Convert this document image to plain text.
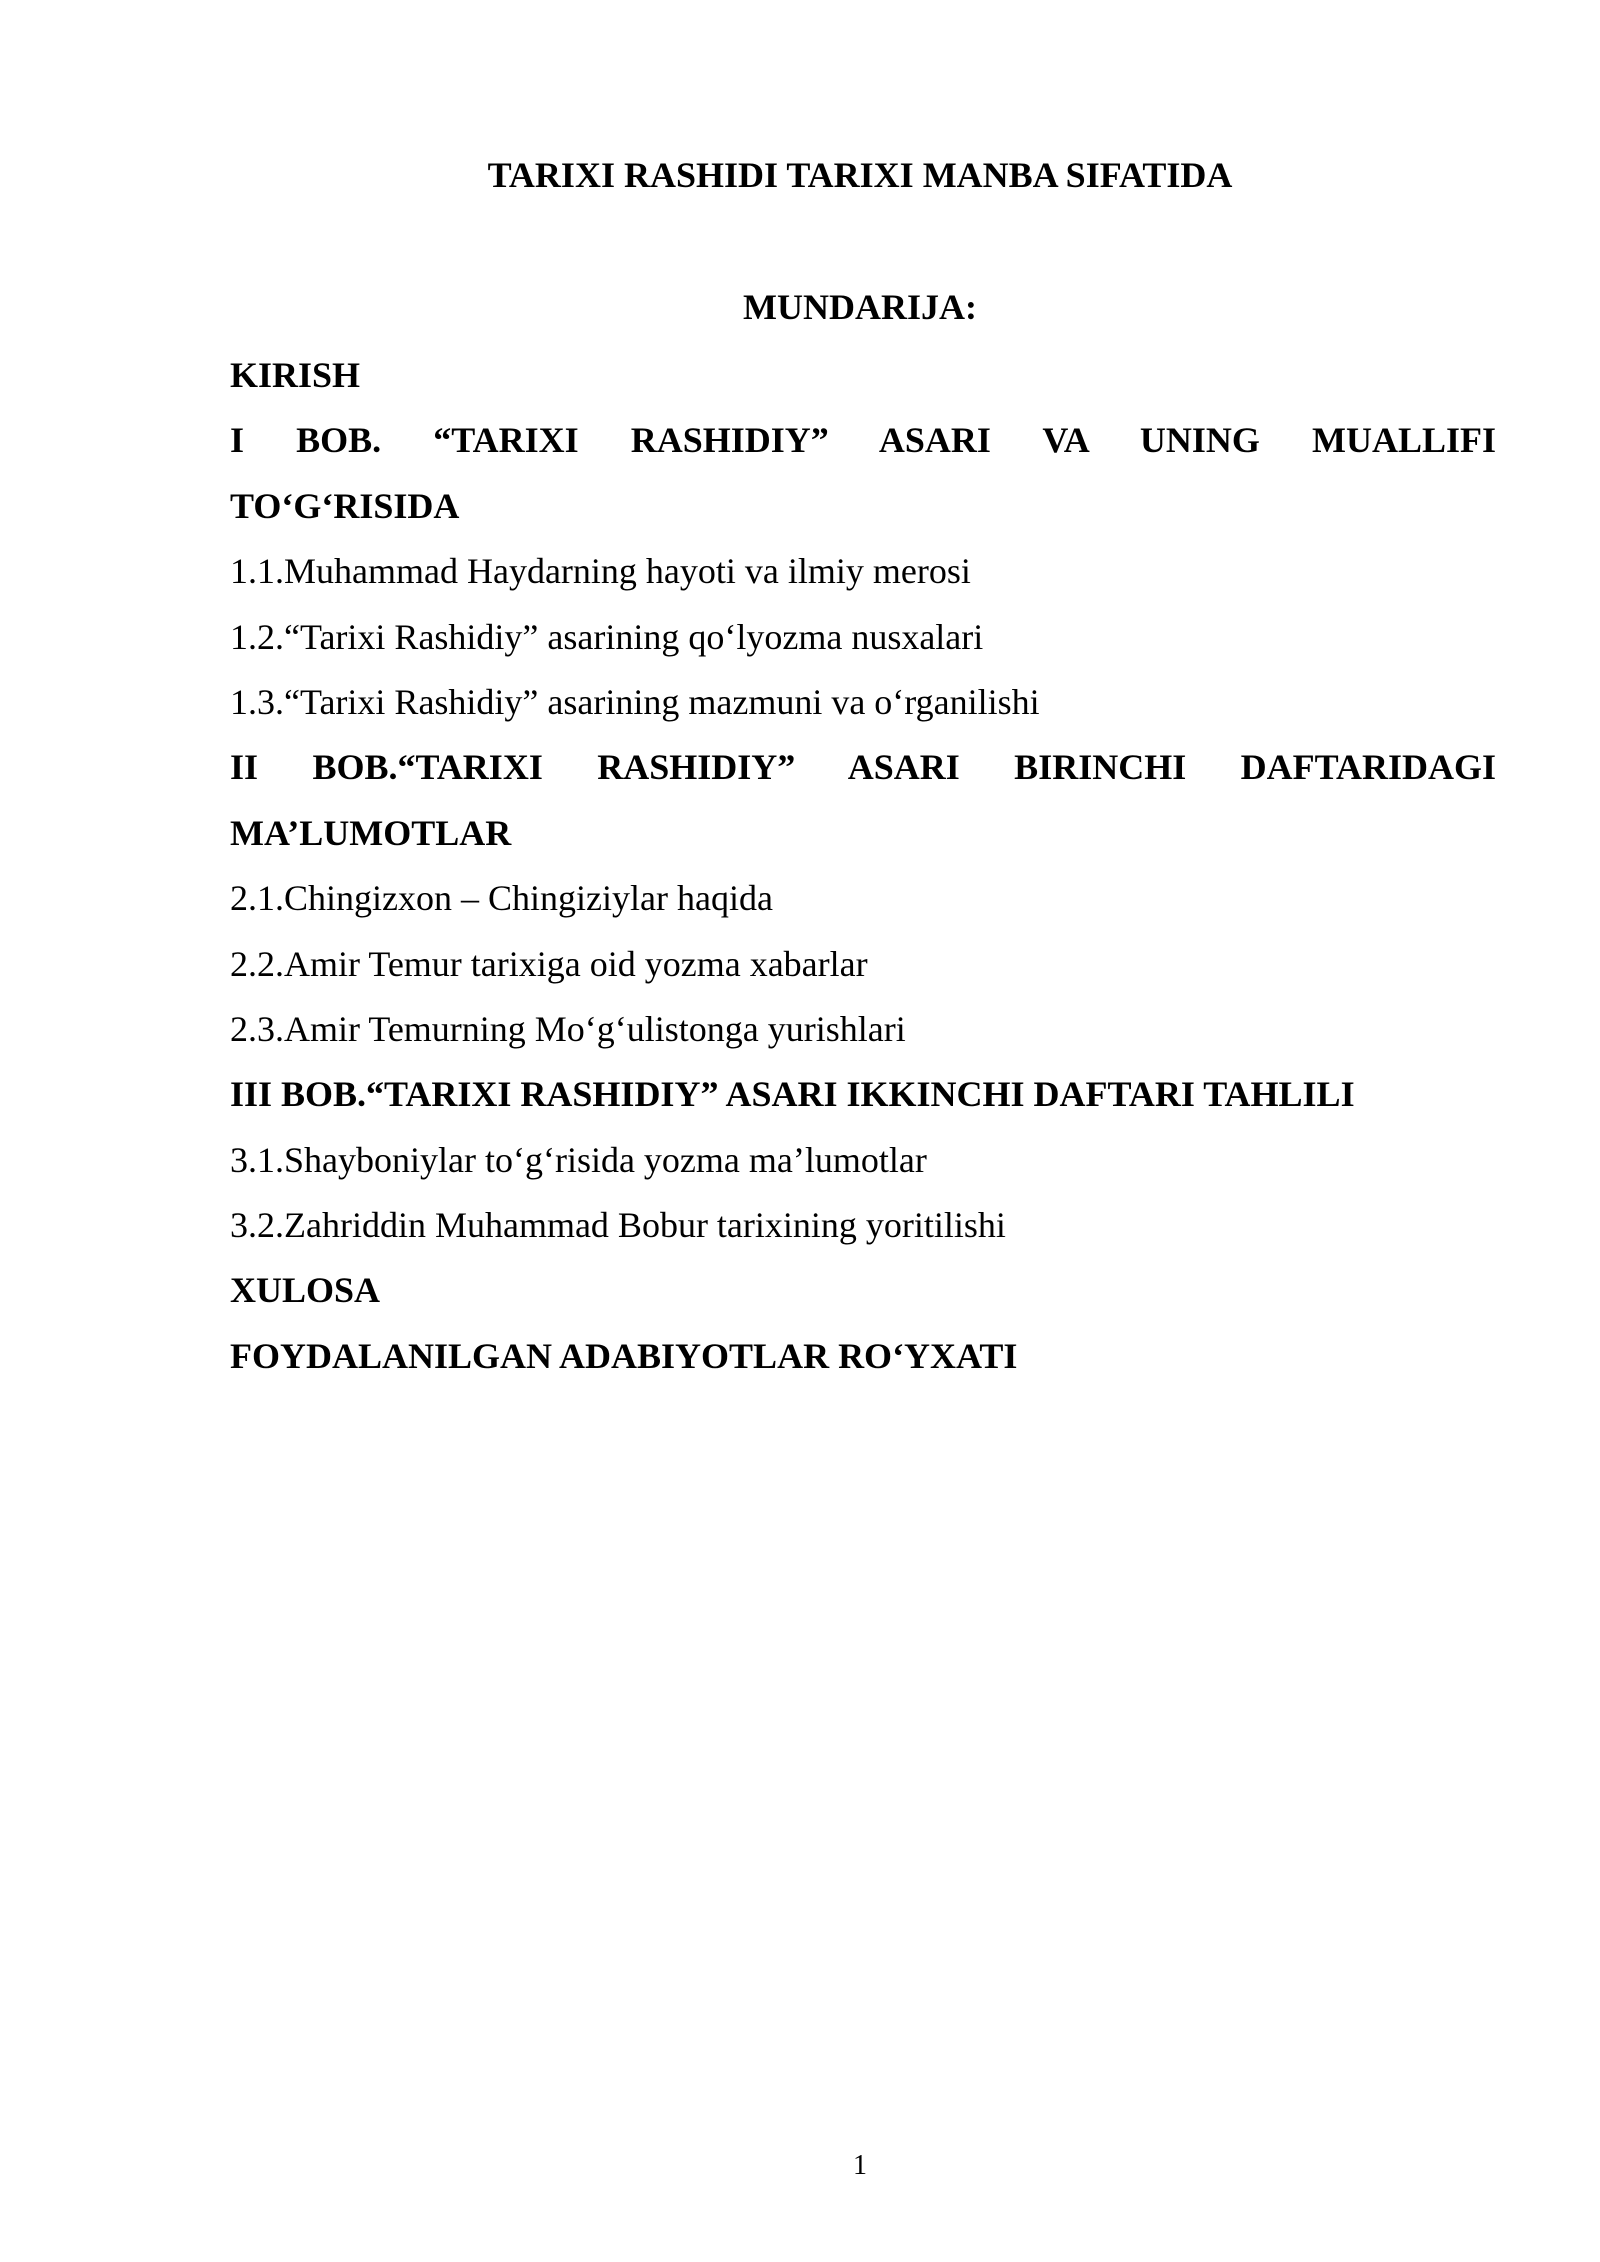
TARIXI RASHIDI TARIXI MANBA SIFATIDA
MUNDARIJA:
KIRISH
I BOB. “TARIXI RASHIDIY” ASARI VA UNING MUALLIFI
TO‘G‘RISIDA
1.1.Muhammad Haydarning hayoti va ilmiy merosi
1.2.“Tarixi Rashidiy” asarining qo‘lyozma nusxalari
1.3.“Tarixi Rashidiy” asarining mazmuni va o‘rganilishi
II BOB.“TARIXI RASHIDIY” ASARI BIRINCHI DAFTARIDAGI
MA’LUMOTLAR
2.1.Chingizxon – Chingiziylar haqida
2.2.Amir Temur tarixiga oid yozma xabarlar
2.3.Amir Temurning Mo‘g‘ulistonga yurishlari
III BOB.“TARIXI RASHIDIY” ASARI IKKINCHI DAFTARI TAHLILI
3.1.Shayboniylar to‘g‘risida yozma ma’lumotlar
3.2.Zahriddin Muhammad Bobur tarixining yoritilishi
XULOSA
FOYDALANILGAN ADABIYOTLAR RO‘YXATI
1
